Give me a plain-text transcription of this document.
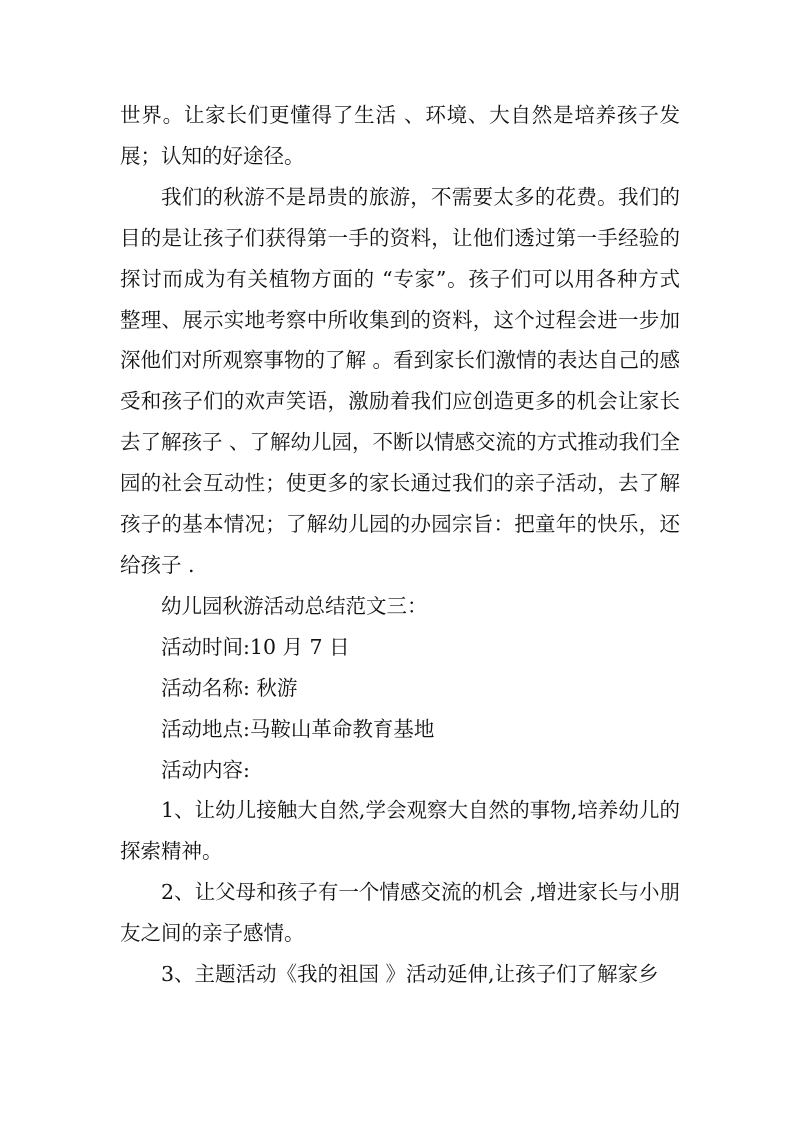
世界。让家长们更懂得了生活 、环境、大自然是培养孩子发展；认知的好途径。

我们的秋游不是昂贵的旅游，不需要太多的花费。我们的目的是让孩子们获得第一手的资料，让他们透过第一手经验的探讨而成为有关植物方面的 “专家”。孩子们可以用各种方式整理、展示实地考察中所收集到的资料，这个过程会进一步加深他们对所观察事物的了解 。看到家长们激情的表达自己的感受和孩子们的欢声笑语，激励着我们应创造更多的机会让家长去了解孩子 、了解幼儿园，不断以情感交流的方式推动我们全园的社会互动性；使更多的家长通过我们的亲子活动，去了解孩子的基本情况；了解幼儿园的办园宗旨：把童年的快乐，还给孩子 .

幼儿园秋游活动总结范文三：

活动时间:10 月 7 日

活动名称: 秋游

活动地点:马鞍山革命教育基地

活动内容:

1、让幼儿接触大自然,学会观察大自然的事物,培养幼儿的探索精神。

2、让父母和孩子有一个情感交流的机会 ,增进家长与小朋友之间的亲子感情。

3、主题活动《我的祖国 》活动延伸,让孩子们了解家乡
